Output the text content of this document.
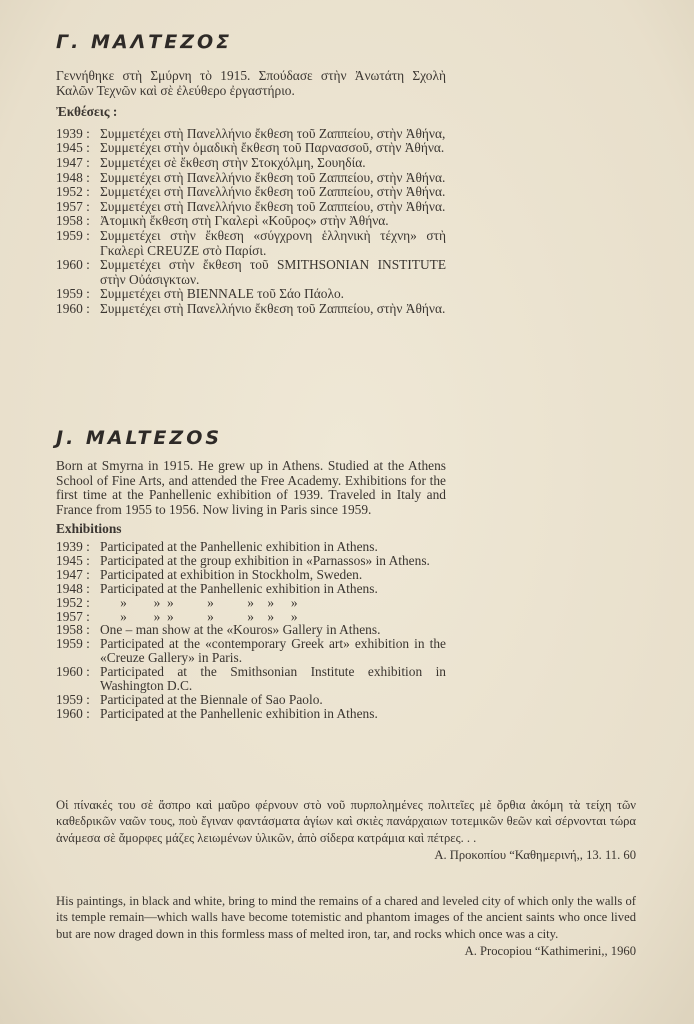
Γ. ΜΑΛΤΕΖΟΣ

Γεννήθηκε στὴ Σμύρνη τὸ 1915. Σπούδασε στὴν Ἀνωτάτη Σχολὴ Καλῶν Τεχνῶν καὶ σὲ ἐλεύθερο ἐργαστήριο.

Ἐκθέσεις :

1939 : Συμμετέχει στὴ Πανελλήνιο ἔκθεση τοῦ Ζαππείου, στὴν Ἀθήνα,
1945 : Συμμετέχει στὴν ὁμαδικὴ ἔκθεση τοῦ Παρνασσοῦ, στὴν Ἀθήνα.
1947 : Συμμετέχει σὲ ἔκθεση στὴν Στοκχόλμη, Σουηδία.
1948 : Συμμετέχει στὴ Πανελλήνιο ἔκθεση τοῦ Ζαππείου, στὴν Ἀθήνα.
1952 : Συμμετέχει στὴ Πανελλήνιο ἔκθεση τοῦ Ζαππείου, στὴν Ἀθήνα.
1957 : Συμμετέχει στὴ Πανελλήνιο ἔκθεση τοῦ Ζαππείου, στὴν Ἀθήνα.
1958 : Ἀτομικὴ ἔκθεση στὴ Γκαλερὶ «Κοῦρος» στὴν Ἀθήνα.
1959 : Συμμετέχει στὴν ἔκθεση «σύγχρονη ἑλληνικὴ τέχνη» στὴ Γκαλερὶ CREUZE στὸ Παρίσι.
1960 : Συμμετέχει στὴν ἔκθεση τοῦ SMITHSONIAN INSTITUTE στὴν Οὐάσιγκτων.
1959 : Συμμετέχει στὴ BIENNALE τοῦ Σάο Πάολο.
1960 : Συμμετέχει στὴ Πανελλήνιο ἔκθεση τοῦ Ζαππείου, στὴν Ἀθήνα.
J. MALTEZOS

Born at Smyrna in 1915. He grew up in Athens. Studied at the Athens School of Fine Arts, and attended the Free Academy. Exhibitions for the first time at the Panhellenic exhibition of 1939. Traveled in Italy and France from 1955 to 1956. Now living in Paris since 1959.

Exhibitions

1939 : Participated at the Panhellenic exhibition in Athens.
1945 : Participated at the group exhibition in «Parnassos» in Athens.
1947 : Participated at exhibition in Stockholm, Sweden.
1948 : Participated at the Panhellenic exhibition in Athens.
1952 : »        »  »          »          »    »     »
1957 : »        »  »          »          »    »     »
1958 : One – man show at the «Kouros» Gallery in Athens.
1959 : Participated at the «contemporary Greek art» exhibition in the «Creuze Gallery» in Paris.
1960 : Participated at the Smithsonian Institute exhibition in Washington D.C.
1959 : Participated at the Biennale of Sao Paolo.
1960 : Participated at the Panhellenic exhibition in Athens.

Οἱ πίνακές του σὲ ἄσπρο καὶ μαῦρο φέρνουν στὸ νοῦ πυρπολημένες πολιτεῖες μὲ ὄρθια ἀκόμη τὰ τείχη τῶν καθεδρικῶν ναῶν τους, ποὺ ἔγιναν φαντάσματα ἁγίων καὶ σκιὲς πανάρχαιων τοτεμικῶν θεῶν καὶ σέρνονται τώρα ἀνάμεσα σὲ ἄμορφες μάζες λειωμένων ὑλικῶν, ἀπὸ σίδερα κατράμια καὶ πέτρες. . .

Α. Προκοπίου “Καθημερινή,, 13. 11. 60

His paintings, in black and white, bring to mind the remains of a chared and leveled city of which only the walls of its temple remain—which walls have become totemistic and phantom images of the ancient saints who once lived but are now draged down in this formless mass of melted iron, tar, and rocks which once was a city.

A. Procopiou “Kathimerini,, 1960
